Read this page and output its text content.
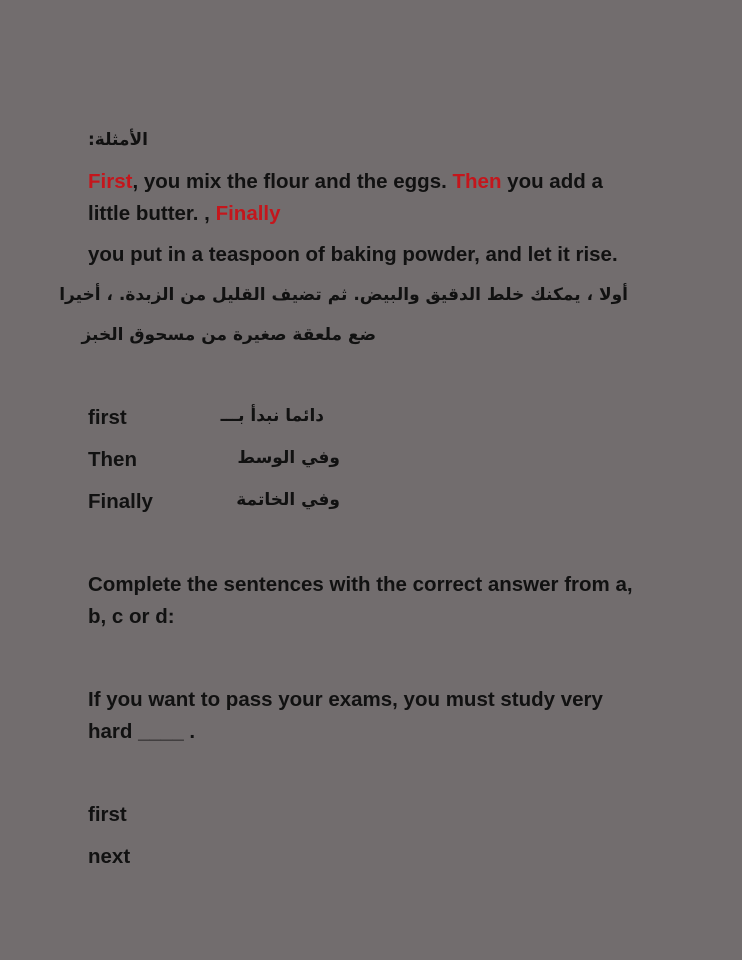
الأمثلة:
First, you mix the flour and the eggs. Then you add a
little butter. , Finally
you put in a teaspoon of baking powder, and let it rise.
أولا ، يمكنك خلط الدقيق والبيض. ثم تضيف القليل من الزبدة. ، أخيرا
ضع ملعقة صغيرة من مسحوق الخبز
first	دائما نبدأ بـــ
Then	وفي الوسط
Finally	وفي الخاتمة
Complete the sentences with the correct answer from a,
b, c or d:
If you want to pass your exams, you must study very
hard ____ .
first
next
